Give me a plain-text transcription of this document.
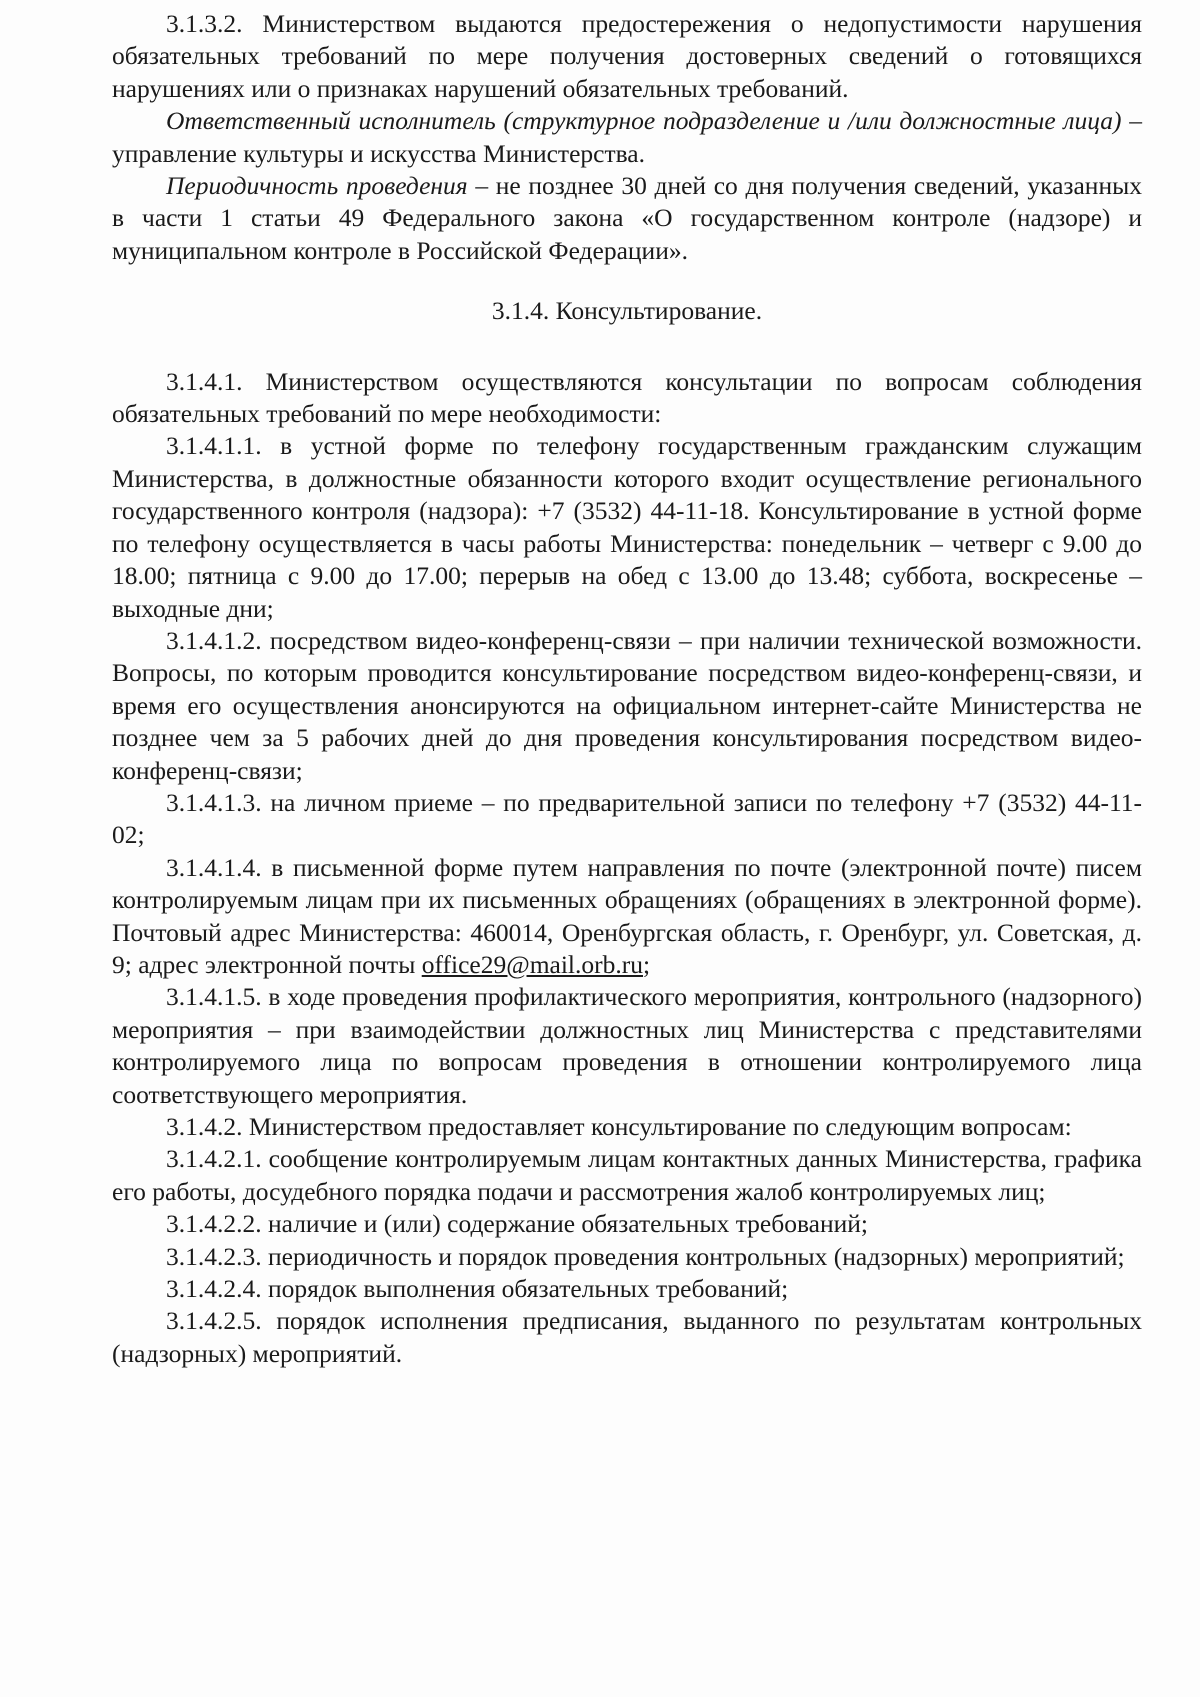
3.1.3.2. Министерством выдаются предостережения о недопустимости нарушения обязательных требований по мере получения достоверных сведений о готовящихся нарушениях или о признаках нарушений обязательных требований.

Ответственный исполнитель (структурное подразделение и /или должностные лица) – управление культуры и искусства Министерства.

Периодичность проведения – не позднее 30 дней со дня получения сведений, указанных в части 1 статьи 49 Федерального закона «О государственном контроле (надзоре) и муниципальном контроле в Российской Федерации».

3.1.4. Консультирование.

3.1.4.1. Министерством осуществляются консультации по вопросам соблюдения обязательных требований по мере необходимости:

3.1.4.1.1. в устной форме по телефону государственным гражданским служащим Министерства, в должностные обязанности которого входит осуществление регионального государственного контроля (надзора): +7 (3532) 44-11-18. Консультирование в устной форме по телефону осуществляется в часы работы Министерства: понедельник – четверг с 9.00 до 18.00; пятница с 9.00 до 17.00; перерыв на обед с 13.00 до 13.48; суббота, воскресенье – выходные дни;

3.1.4.1.2. посредством видео-конференц-связи – при наличии технической возможности. Вопросы, по которым проводится консультирование посредством видео-конференц-связи, и время его осуществления анонсируются на официальном интернет-сайте Министерства не позднее чем за 5 рабочих дней до дня проведения консультирования посредством видео-конференц-связи;

3.1.4.1.3. на личном приеме – по предварительной записи по телефону +7 (3532) 44-11-02;

3.1.4.1.4. в письменной форме путем направления по почте (электронной почте) писем контролируемым лицам при их письменных обращениях (обращениях в электронной форме). Почтовый адрес Министерства: 460014, Оренбургская область, г. Оренбург, ул. Советская, д. 9; адрес электронной почты office29@mail.orb.ru;

3.1.4.1.5. в ходе проведения профилактического мероприятия, контрольного (надзорного) мероприятия – при взаимодействии должностных лиц Министерства с представителями контролируемого лица по вопросам проведения в отношении контролируемого лица соответствующего мероприятия.

3.1.4.2. Министерством предоставляет консультирование по следующим вопросам:

3.1.4.2.1. сообщение контролируемым лицам контактных данных Министерства, графика его работы, досудебного порядка подачи и рассмотрения жалоб контролируемых лиц;

3.1.4.2.2. наличие и (или) содержание обязательных требований;

3.1.4.2.3. периодичность и порядок проведения контрольных (надзорных) мероприятий;

3.1.4.2.4. порядок выполнения обязательных требований;

3.1.4.2.5. порядок исполнения предписания, выданного по результатам контрольных (надзорных) мероприятий.
